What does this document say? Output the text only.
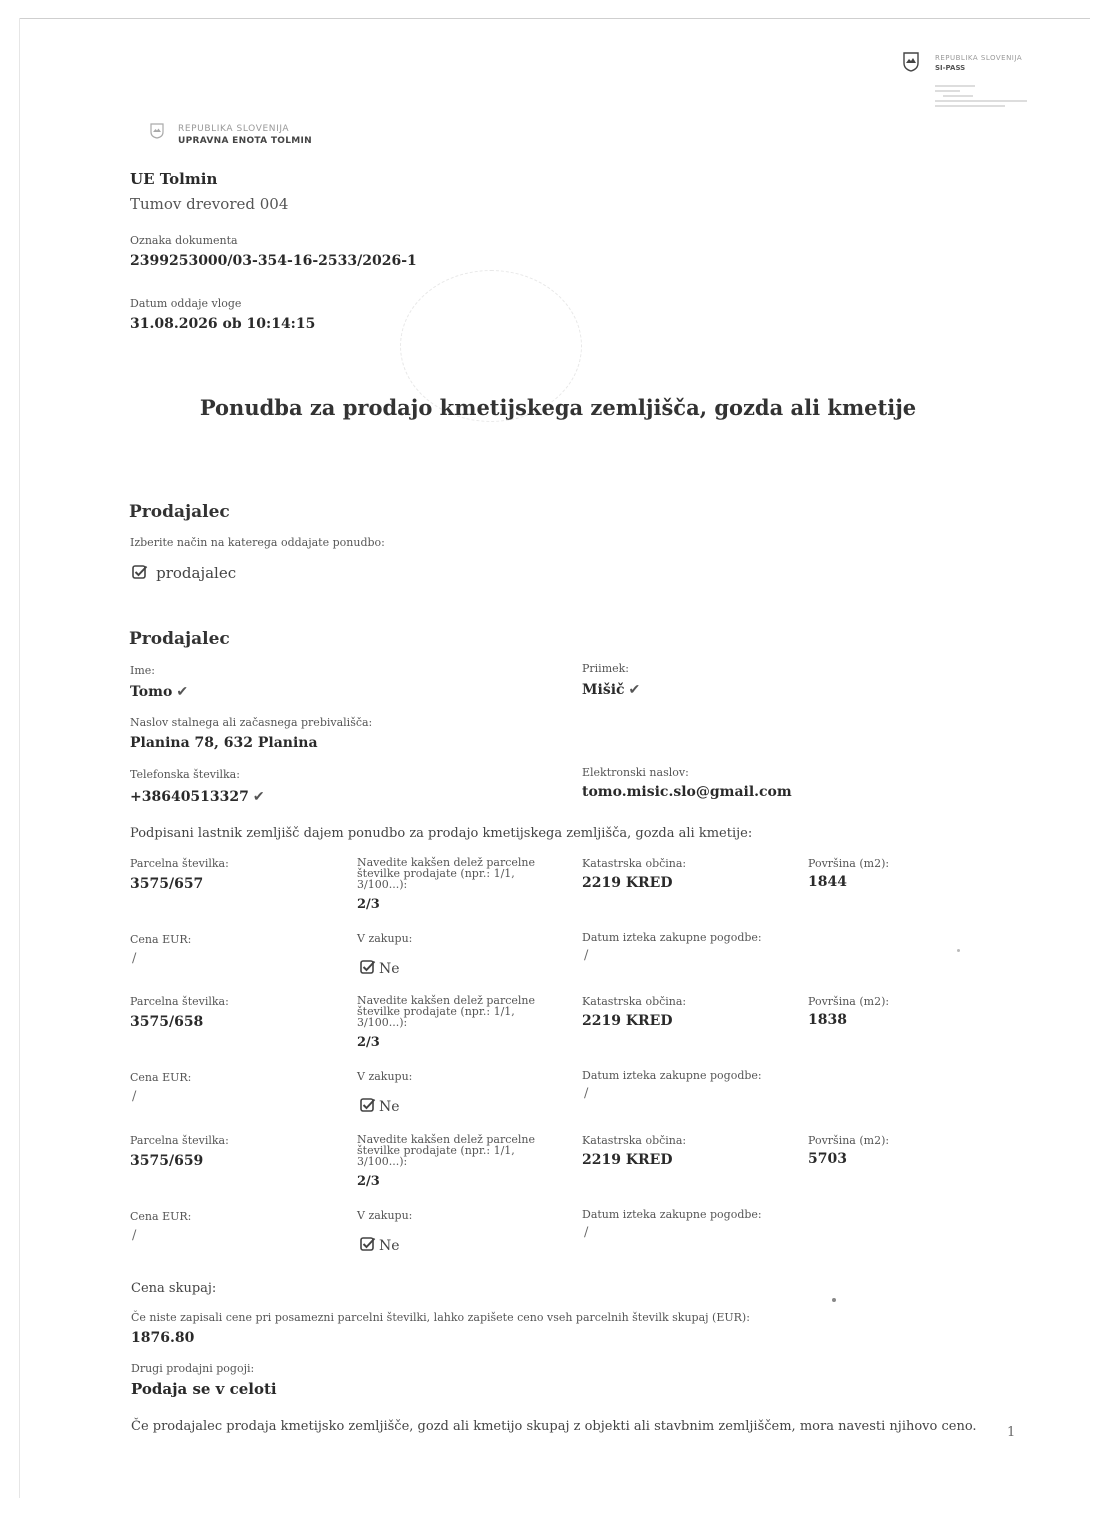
REPUBLIKA SLOVENIJA
SI-PASS
REPUBLIKA SLOVENIJA
UPRAVNA ENOTA TOLMIN
UE Tolmin
Tumov drevored 004
Oznaka dokumenta
2399253000/03-354-16-2533/2026-1
Datum oddaje vloge
31.08.2026 ob 10:14:15
Ponudba za prodajo kmetijskega zemljišča, gozda ali kmetije
Prodajalec
Izberite način na katerega oddajate ponudbo:
prodajalec
Prodajalec
Ime:
Tomo ✔
Priimek:
Mišič ✔
Naslov stalnega ali začasnega prebivališča:
Planina 78, 632 Planina
Telefonska številka:
+38640513327 ✔
Elektronski naslov:
tomo.misic.slo@gmail.com
Podpisani lastnik zemljišč dajem ponudbo za prodajo kmetijskega zemljišča, gozda ali kmetije:
Parcelna številka:
3575/657
Navedite kakšen delež parcelne
številke prodajate (npr.: 1/1,
3/100...):
2/3
Katastrska občina:
2219 KRED
Površina (m2):
1844
Cena EUR:
/
V zakupu:
Ne
Datum izteka zakupne pogodbe:
/
Parcelna številka:
3575/658
Navedite kakšen delež parcelne
številke prodajate (npr.: 1/1,
3/100...):
2/3
Katastrska občina:
2219 KRED
Površina (m2):
1838
Cena EUR:
/
V zakupu:
Ne
Datum izteka zakupne pogodbe:
/
Parcelna številka:
3575/659
Navedite kakšen delež parcelne
številke prodajate (npr.: 1/1,
3/100...):
2/3
Katastrska občina:
2219 KRED
Površina (m2):
5703
Cena EUR:
/
V zakupu:
Ne
Datum izteka zakupne pogodbe:
/
Cena skupaj:
Če niste zapisali cene pri posamezni parcelni številki, lahko zapišete ceno vseh parcelnih številk skupaj (EUR):
1876.80
Drugi prodajni pogoji:
Podaja se v celoti
Če prodajalec prodaja kmetijsko zemljišče, gozd ali kmetijo skupaj z objekti ali stavbnim zemljiščem, mora navesti njihovo ceno. 1
